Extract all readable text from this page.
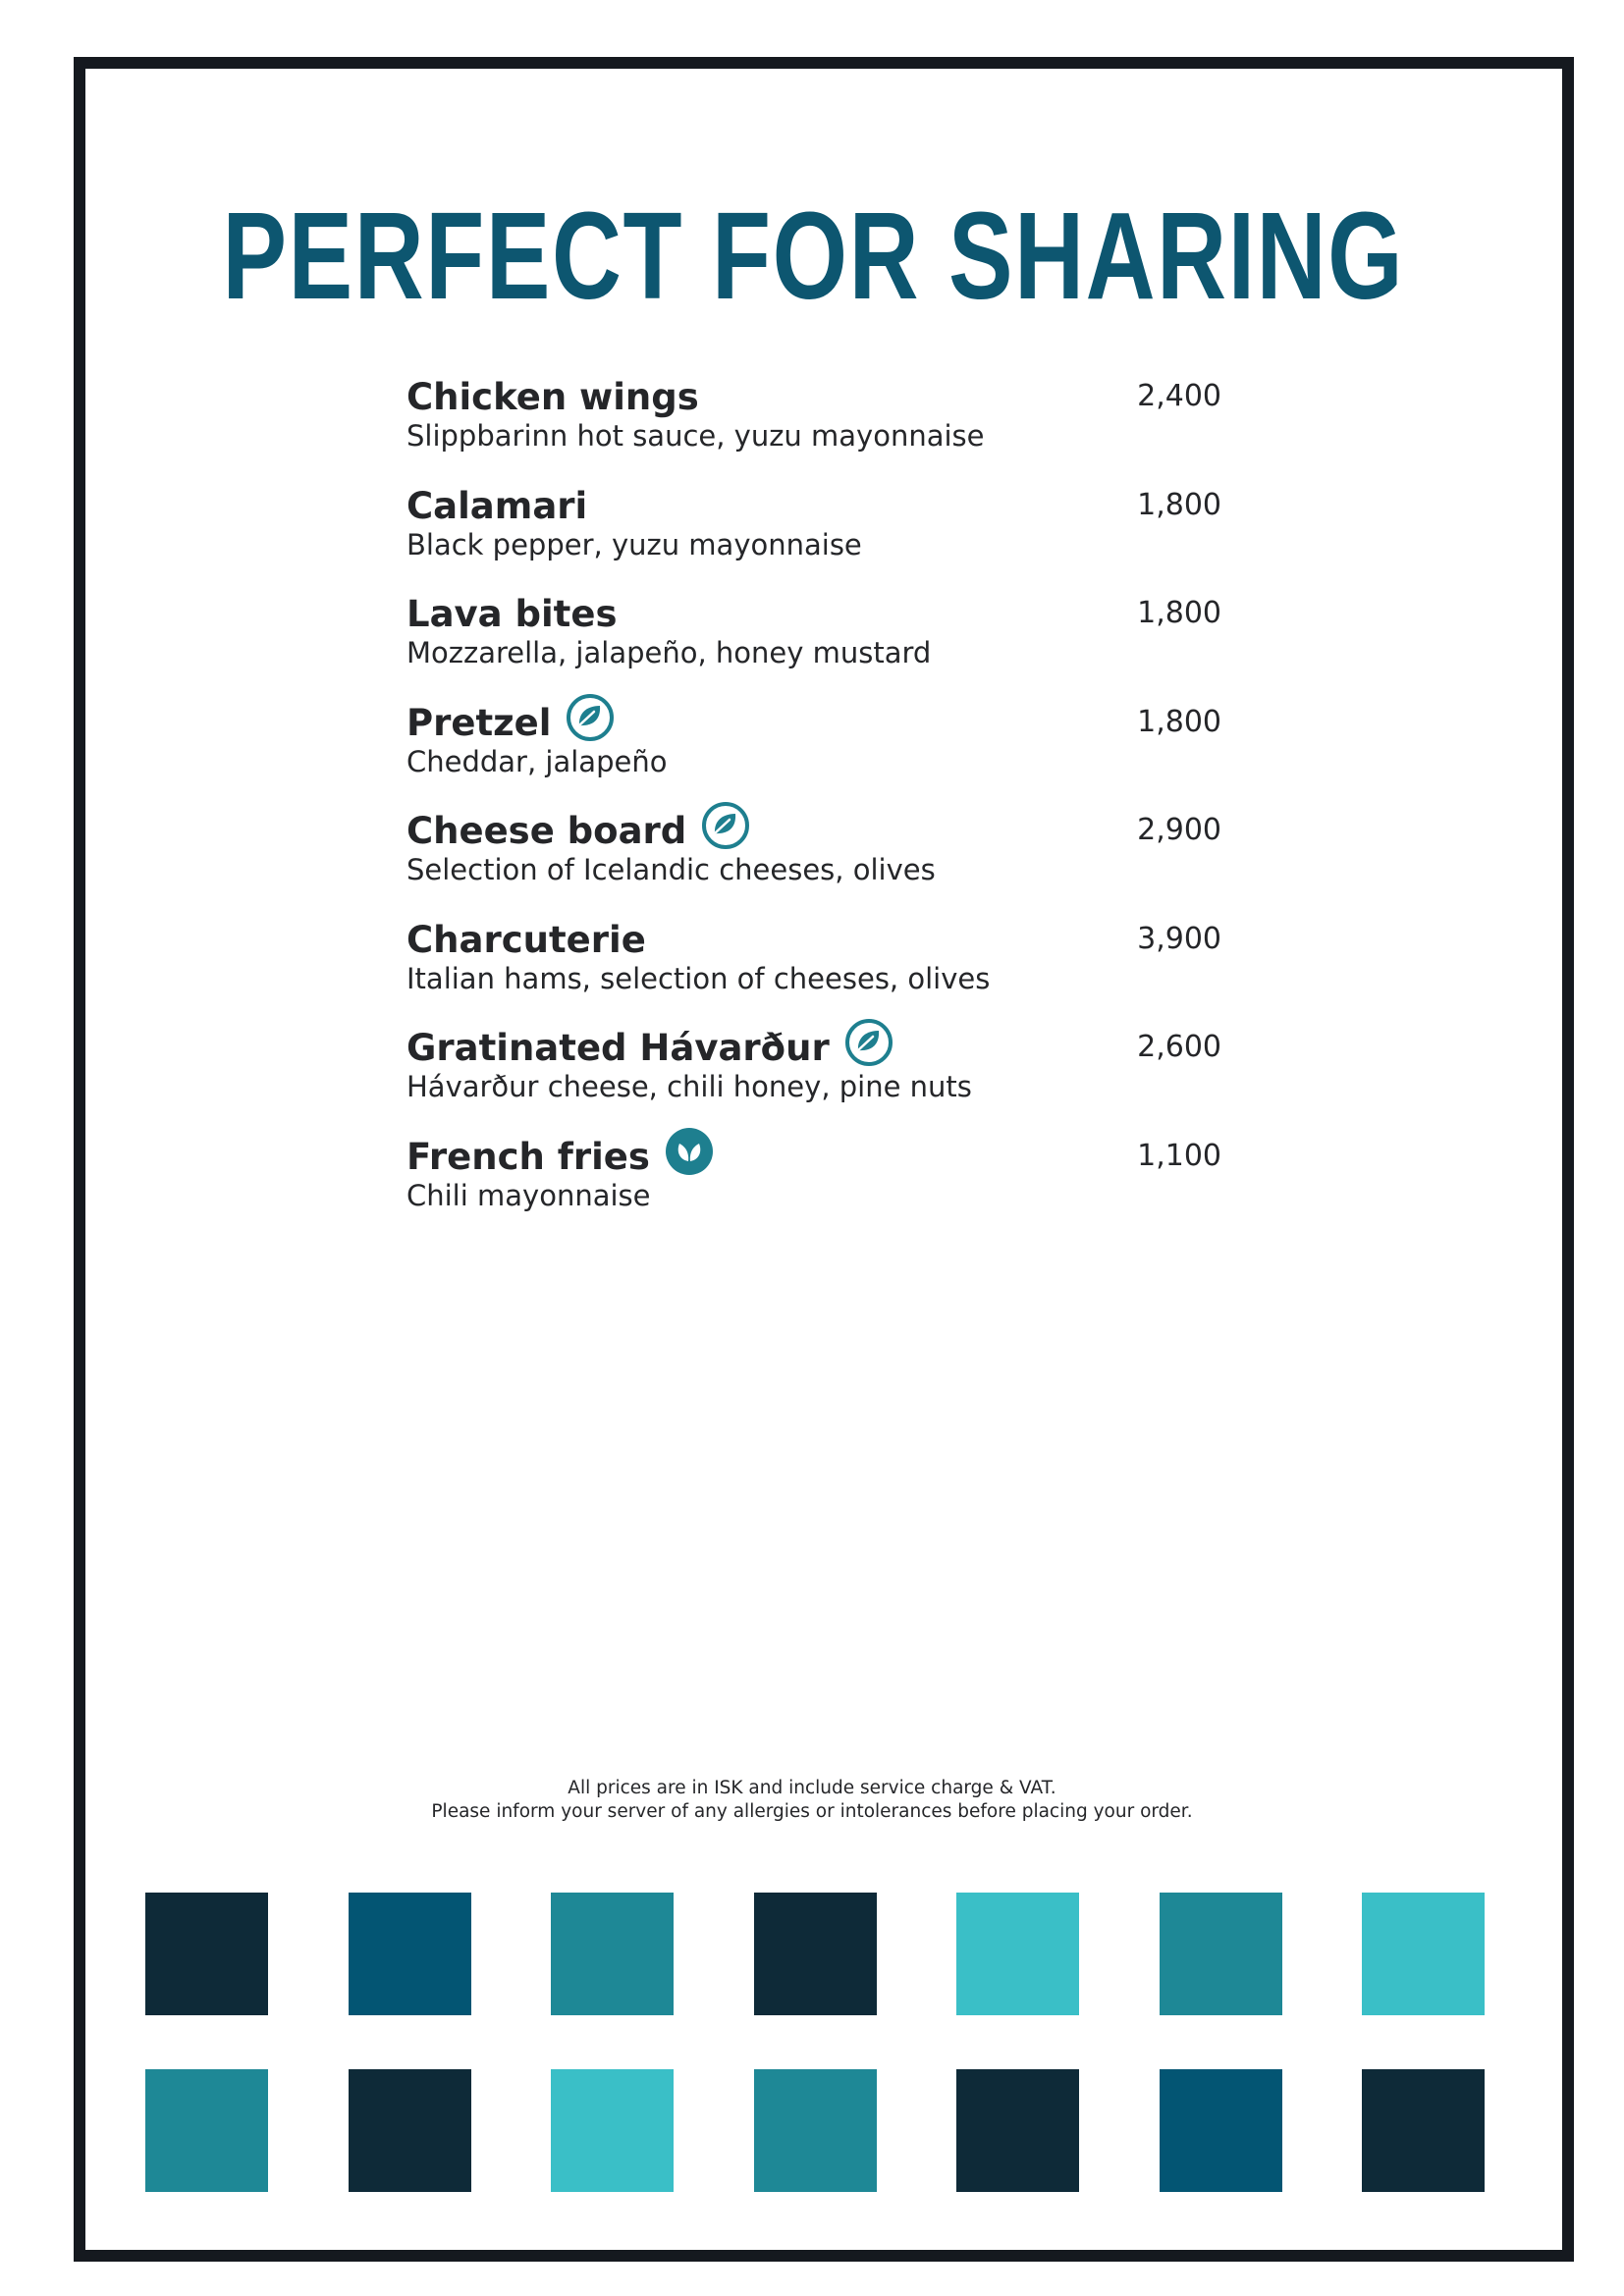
PERFECT FOR SHARING
Chicken wings
Slippbarinn hot sauce, yuzu mayonnaise
2,400
Calamari
Black pepper, yuzu mayonnaise
1,800
Lava bites
Mozzarella, jalapeño, honey mustard
1,800
Pretzel
Cheddar, jalapeño
1,800
Cheese board
Selection of Icelandic cheeses, olives
2,900
Charcuterie
Italian hams, selection of cheeses, olives
3,900
Gratinated Hávarður
Hávarður cheese, chili honey, pine nuts
2,600
French fries
Chili mayonnaise
1,100
All prices are in ISK and include service charge & VAT.
Please inform your server of any allergies or intolerances before placing your order.
